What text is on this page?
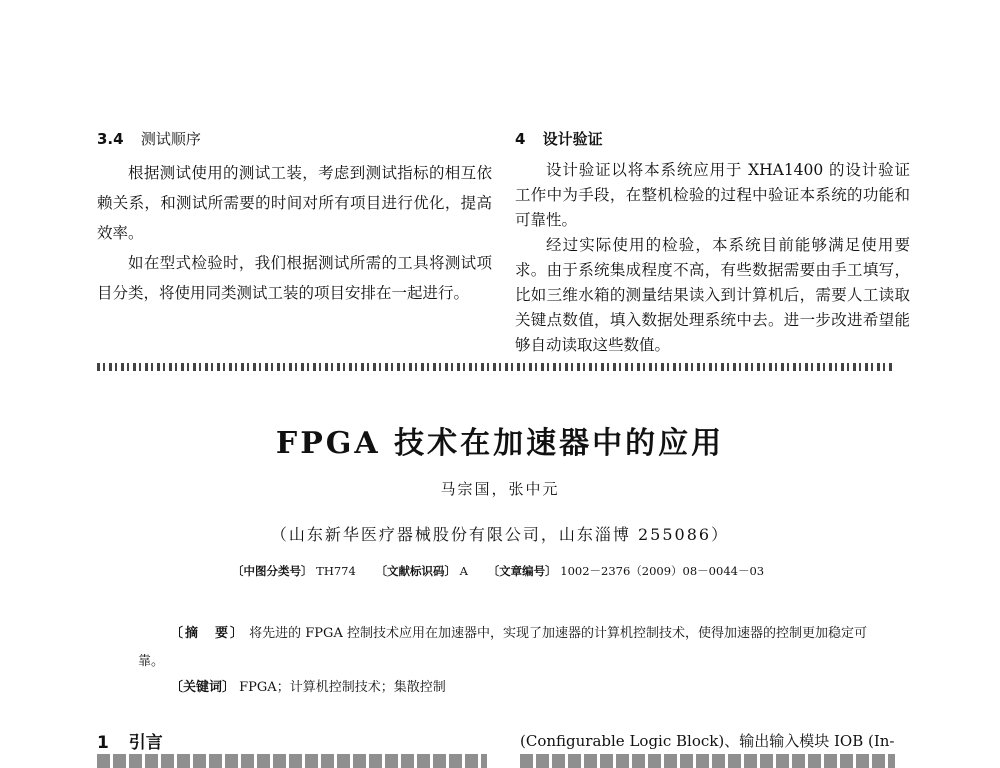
3.4 测试顺序

根据测试使用的测试工装，考虑到测试指标的相互依赖关系，和测试所需要的时间对所有项目进行优化，提高效率。

如在型式检验时，我们根据测试所需的工具将测试项目分类，将使用同类测试工装的项目安排在一起进行。

4 设计验证

设计验证以将本系统应用于 XHA1400 的设计验证工作中为手段，在整机检验的过程中验证本系统的功能和可靠性。

经过实际使用的检验，本系统目前能够满足使用要求。由于系统集成程度不高，有些数据需要由手工填写，比如三维水箱的测量结果读入到计算机后，需要人工读取关键点数值，填入数据处理系统中去。进一步改进希望能够自动读取这些数值。

FPGA 技术在加速器中的应用
马宗国，张中元
（山东新华医疗器械股份有限公司，山东淄博 255086）
〔中图分类号〕 TH774 〔文献标识码〕 A 〔文章编号〕 1002－2376（2009）08－0044－03
〔摘　要〕 将先进的 FPGA 控制技术应用在加速器中，实现了加速器的计算机控制技术，使得加速器的控制更加稳定可靠。
〔关键词〕 FPGA；计算机控制技术；集散控制
1 引言	(Configurable Logic Block)、输出输入模块 IOB (In-
